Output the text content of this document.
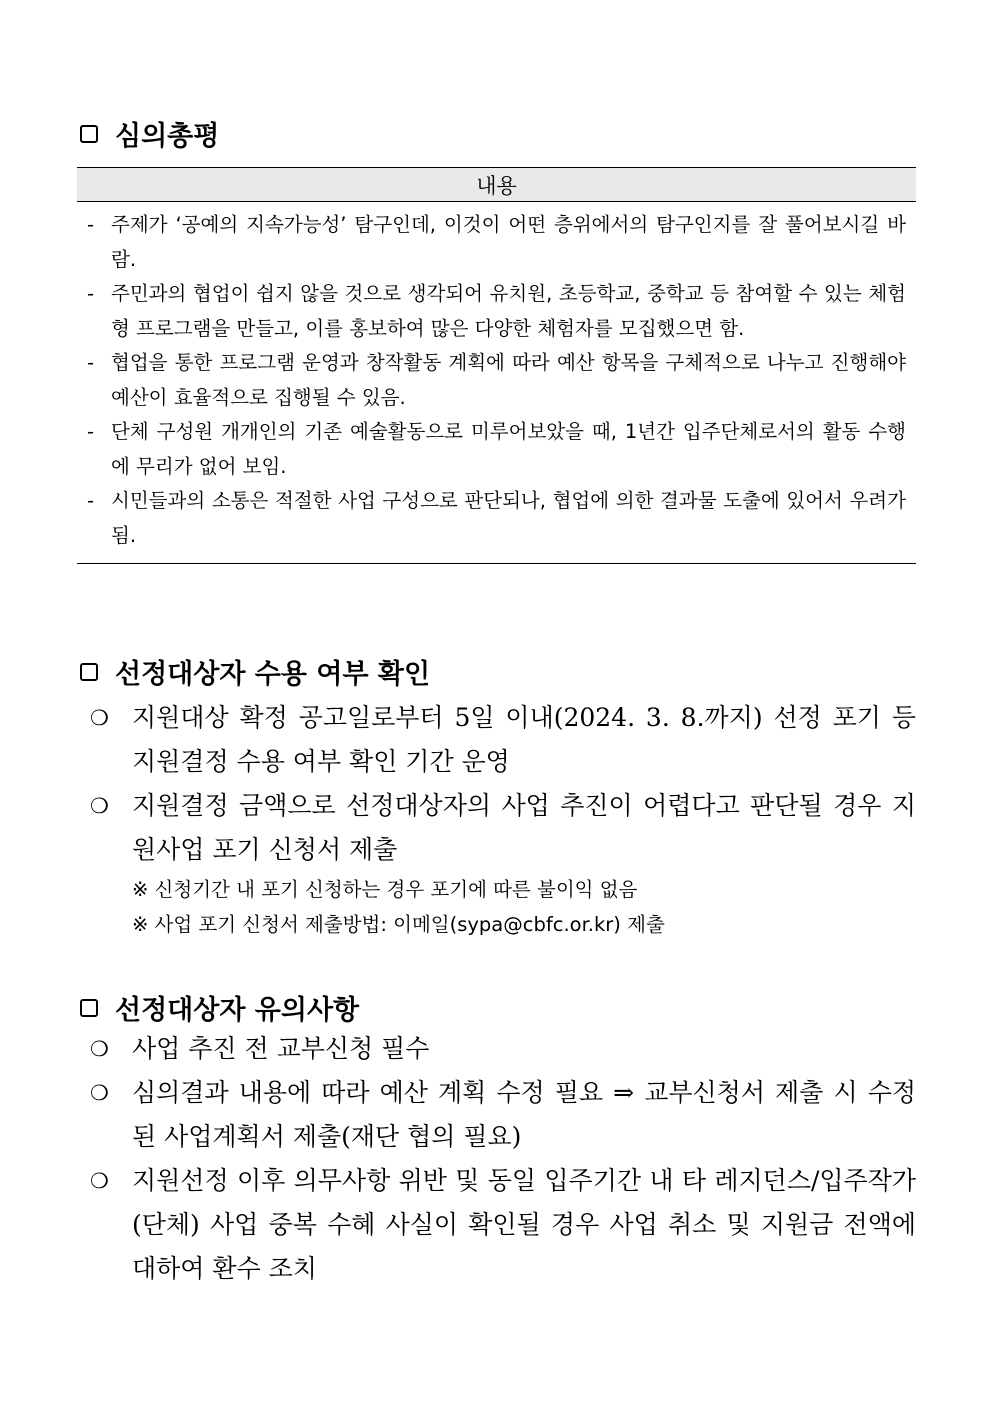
심의총평
내용

- 주제가 ‘공예의 지속가능성’ 탐구인데, 이것이 어떤 층위에서의 탐구인지를 잘 풀어보시길 바람.
- 주민과의 협업이 쉽지 않을 것으로 생각되어 유치원, 초등학교, 중학교 등 참여할 수 있는 체험형 프로그램을 만들고, 이를 홍보하여 많은 다양한 체험자를 모집했으면 함.
- 협업을 통한 프로그램 운영과 창작활동 계획에 따라 예산 항목을 구체적으로 나누고 진행해야 예산이 효율적으로 집행될 수 있음.
- 단체 구성원 개개인의 기존 예술활동으로 미루어보았을 때, 1년간 입주단체로서의 활동 수행에 무리가 없어 보임.
- 시민들과의 소통은 적절한 사업 구성으로 판단되나, 협업에 의한 결과물 도출에 있어서 우려가 됨.
선정대상자 수용 여부 확인
❍ 지원대상 확정 공고일로부터 5일 이내(2024. 3. 8.까지) 선정 포기 등 지원결정 수용 여부 확인 기간 운영
❍ 지원결정 금액으로 선정대상자의 사업 추진이 어렵다고 판단될 경우 지원사업 포기 신청서 제출
※ 신청기간 내 포기 신청하는 경우 포기에 따른 불이익 없음
※ 사업 포기 신청서 제출방법: 이메일(sypa@cbfc.or.kr) 제출
선정대상자 유의사항
❍ 사업 추진 전 교부신청 필수
❍ 심의결과 내용에 따라 예산 계획 수정 필요 ⇒ 교부신청서 제출 시 수정된 사업계획서 제출(재단 협의 필요)
❍ 지원선정 이후 의무사항 위반 및 동일 입주기간 내 타 레지던스/입주작가(단체) 사업 중복 수혜 사실이 확인될 경우 사업 취소 및 지원금 전액에 대하여 환수 조치
